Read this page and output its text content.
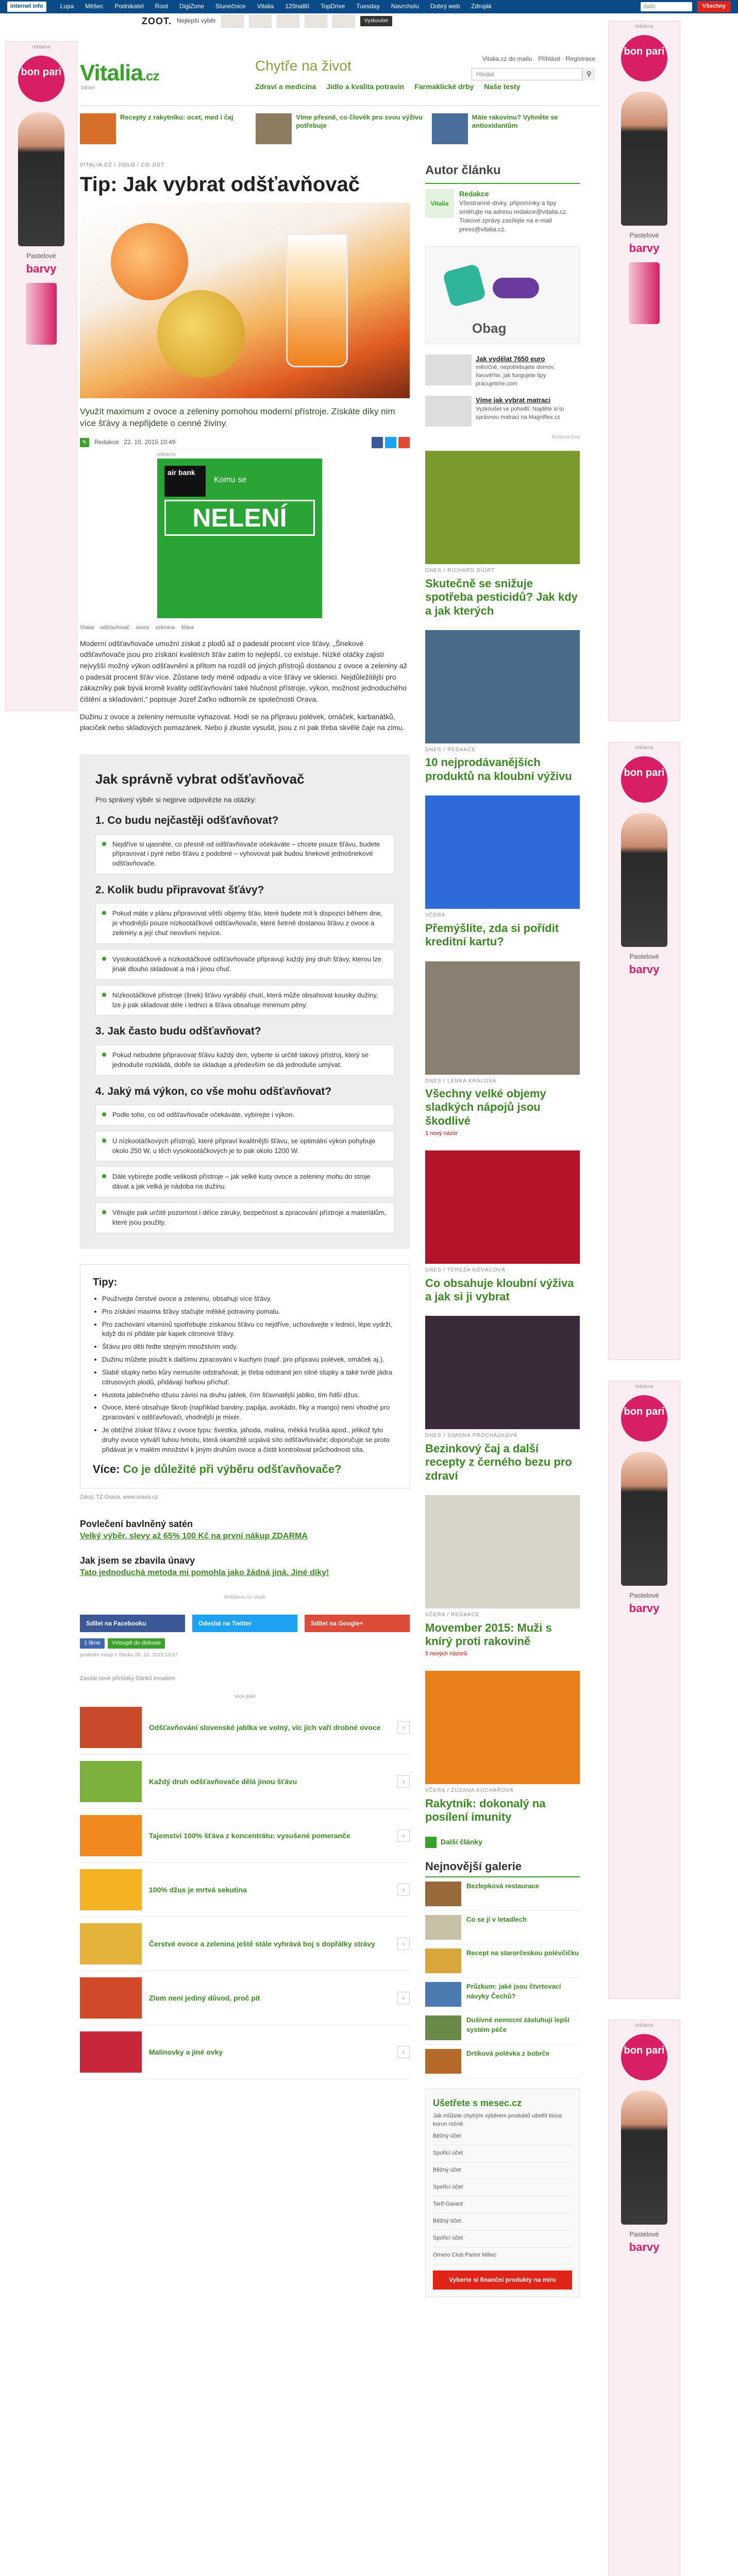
internet info	Lupa	Měšec	Podnikatel	Root	DigiZone	Slunečnice	Vitalia	120na80	TopDrive	Tuesday	Navrcholu	Dobrý web	Zdroják	další	Všechny
reklama
bon pari
Pastelové
barvy
reklama
bon pari
Pastelové
barvy
reklama
bon pari
Pastelové
barvy
reklama
bon pari
Pastelové
barvy
reklama
bon pari
Pastelové
barvy
ZOOT. Nejlepší výběr	Vyzkoušet
Vitalia.cz
zdraví
Chytře na život
Zdraví a medicína Jídlo a kvalita potravin Farmaklické drby Naše testy
Vitalia.cz do mailu Přihlásit · Registrace
Hledat	⚲
Recepty z rakytníku: ocet, med i čaj	Víme přesně, co člověk pro svou výživu potřebuje
Máte rakovinu? Vyhněte se antioxidantům
VITALIA.CZ / JÍDLO / CO JÍST
Tip: Jak vybrat odšťavňovač

Využít maximum z ovoce a zeleniny pomohou moderní přístroje. Získáte díky nim více šťávy a nepřijdete o cenné živiny.

✎	Redakce 22. 10. 2015 10:49
reklama
air bank
Komu se
NELENÍ
Vitalia odšťavňovač ovoce zelenina šťáva

Moderní odšťavňovače umožní získat z plodů až o padesát procent více šťávy. „Šnekové odšťavňovače jsou pro získání kvalitních šťáv zatím to nejlepší, co existuje. Nízké otáčky zajistí nejvyšší možný výkon odšťavnění a přitom na rozdíl od jiných přístrojů dostanou z ovoce a zeleniny až o padesát procent šťáv více. Zůstane tedy méně odpadu a více šťávy ve sklenici. Nejdůležitější pro zákazníky pak bývá kromě kvality odšťavňování také hlučnost přístroje, výkon, možnost jednoduchého čištění a skladování,“ popisuje Jozef Zaťko odborník ze společnosti Orava.

Dužinu z ovoce a zeleniny nemusíte vyhazovat. Hodí se na přípravu polévek, omáček, karbanátků, placiček nebo skladových pomazánek. Nebo ji zkuste vysušit, jsou z ní pak třeba skvělé čaje na zimu.

Jak správně vybrat odšťavňovač
Pro správný výběr si nejprve odpovězte na otázky:
1. Co budu nejčastěji odšťavňovat?
Nejdříve si ujasněte, co přesně od odšťavňovače očekáváte – chcete pouze šťávu, budete připravovat i pyré nebo šťávu z podobné – vyhovovat pak budou šnekové jednošnekové odšťavňovače.
2. Kolik budu připravovat šťávy?
Pokud máte v plánu připravovat větší objemy šťáv, které budete mít k dispozici během dne, je vhodnější pouze nízkootáčkové odšťavňovače, které šetrně dostanou šťávu z ovoce a zeleniny a její chuť neovlivní nejvíce.
Vysokootáčkové a nízkootáčkové odšťavňovače připravují každý jiný druh šťávy, kterou lze jinak dlouho skladovat a má i jinou chuť.
Nízkootáčkové přístroje (šnek) šťávu vyrábějí chutí, která může obsahovat kousky dužiny, lze ji pak skladovat déle i lednici a šťáva obsahuje minimum pěny.
3. Jak často budu odšťavňovat?
Pokud nebudete připravovat šťávu každý den, vyberte si určitě takový přístroj, který se jednoduše rozkládá, dobře se skladuje a především se dá jednoduše umývat.
4. Jaký má výkon, co vše mohu odšťavňovat?
Podle toho, co od odšťavňovače očekáváte, vybírejte i výkon.
U nízkootáčkových přístrojů, které připraví kvalitnější šťávu, se optimální výkon pohybuje okolo 250 W, u těch vysokootáčkových je to pak okolo 1200 W.
Dále vybírejte podle velikosti přístroje – jak velké kusy ovoce a zeleniny mohu do stroje dávat a jak velká je nádoba na dužinu.
Věnujte pak určitě pozornost i délce záruky, bezpečnost a zpracování přístroje a materiálům, které jsou použity.
Tipy:
• Používejte čerstvé ovoce a zeleninu, obsahují více šťávy.
• Pro získání maxima šťávy stačujte měkké potraviny pomalu.
• Pro zachování vitamínů spotřebujte získanou šťávu co nejdříve, uchovávejte v lednici, lépe vydrží, když do ní přidáte pár kapek citronové šťávy.
• Šťávu pro děti ředte stejným množstvím vody.
• Dužinu můžete použít k dalšímu zpracování v kuchyni (např. pro přípravu polévek, omáček aj.).
• Slabě slupky nebo kůry nemusíte odstraňovat, je třeba odstranit jen silné slupky a také tvrdé jádra citrusových plodů, přidávají hořkou příchuť.
• Hustota jablečného džusu závisí na druhu jablek, čím šťavnatější jablko, tím řidší džus.
• Ovoce, které obsahuje škrob (například banány, papája, avokádo, fíky a mango) není vhodné pro zpracování v odšťavňovači, vhodnější je mixér.
• Je obtížné získat šťávu z ovoce typu: švestka, jahoda, malina, měkká hruška apod., jelikož tyto druhy ovoce vytváří tuhou hmotu, která okamžitě ucpává síto odšťavňovače; doporučuje se proto přidávat je v malém množství k jiným druhům ovoce a čistit kontrolovat průchodnost síta.
Více: Co je důležité při výběru odšťavňovače?
Zdroj: TZ Orava, www.orava.cz
Povlečení bavlněný satén
Velký výběr, slevy až 65% 100 Kč na první nákup ZDARMA
Jak jsem se zbavila únavy
Tato jednoduchá metoda mi pomohla jako žádná jiná. Jiné díky!
Reklama na Vitalii
Sdílet na Facebooku	Odeslat na Twitter	Sdílet na Google+
1 likne	Vstoupit do diskuse
poslední vstup v článku 26. 10. 2015 13:57
Zasílat nové přírůstky článků emailem
Více jídel
Odšťavňování slovenské jablka ve volný, víc jich vaří drobné ovoce	›
Každý druh odšťavňovače dělá jinou šťávu	›
Tajemství 100% šťáva z koncentrátu: vysušené pomeranče	›
100% džus je mrtvá sekutina	›
Čerstvé ovoce a zelenina ještě stále vyhrává boj s dopřálky strávy	›
Zlom není jediný důvod, proč pít	›
Malinovky a jiné ovky	›
Autor článku
Vitalia
Redakce
Všestranné dívky, připomínky a tipy směřujte na adresu redakce@vitalia.cz. Tiskové zprávy zasílejte na e-mail press@vitalia.cz.
Obag
Jak vydělat 7650 euro
měsíčně, nepotřebujete domov. Neuvěříte, jak fungujete tipy pracujetime.com
Víme jak vybrat matraci
Vyzkoušet ve pohodlí. Najděte si tu správnou matraci na Magniflex.cz
Reklama Etra
DNES / RICHARD DÍGRT
Skutečně se snižuje spotřeba pesticidů? Jak kdy a jak kterých
DNES / REDAKCE
10 nejprodávanějších produktů na kloubní výživu
VČERA
Přemýšlíte, zda si pořídit kreditní kartu?
DNES / LENKA KRÁLOVÁ
Všechny velké objemy sladkých nápojů jsou škodlivé
1 nový názor
DNES / TEREZA KOVÁCOVÁ
Co obsahuje kloubní výživa a jak si ji vybrat
DNES / SIMONA PROCHÁZKOVÁ
Bezinkový čaj a další recepty z černého bezu pro zdraví
VČERA / REDAKCE
Movember 2015: Muži s knírý proti rakovině
5 nových názorů
VČERA / ZUZANA KUCHAŘOVÁ
Rakytník: dokonalý na posílení imunity
Další články
Nejnovější galerie
Bezlepková restaurace
Co se jí v letadlech
Recept na starorčeskou polévčičku
Průzkum: jaké jsou čtvrtovací návyky Čechů?
Dušívné nemocní zásluhují lepší systém péče
Drtíková polévka z bobrče
Ušetřete s mesec.cz
Jak můžete chytrým výběrem produktů ušetřit tisíce korun ročně.
Běžný účet
Spořicí účet
Běžný účet
Spořicí účet
Tarif-Garant
Běžný účet
Spořicí účet
Omero Club Partnr Miliec
Vyberte si finanční produkty na míru
